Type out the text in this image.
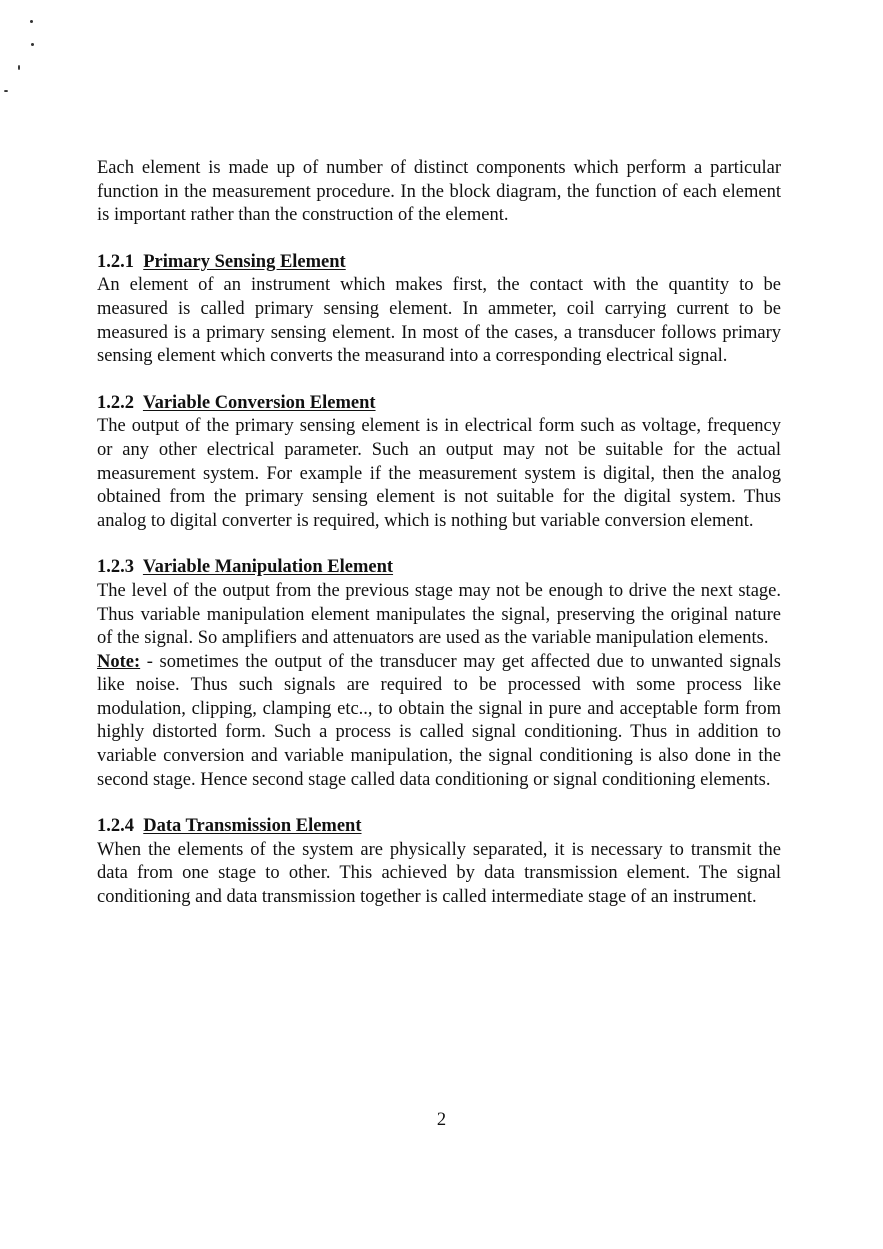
Each element is made up of number of distinct components which perform a particular function in the measurement procedure. In the block diagram, the function of each element is important rather than the construction of the element.

1.2.1 Primary Sensing Element

An element of an instrument which makes first, the contact with the quantity to be measured is called primary sensing element. In ammeter, coil carrying current to be measured is a primary sensing element. In most of the cases, a transducer follows primary sensing element which converts the measurand into a corresponding electrical signal.

1.2.2 Variable Conversion Element

The output of the primary sensing element is in electrical form such as voltage, frequency or any other electrical parameter. Such an output may not be suitable for the actual measurement system. For example if the measurement system is digital, then the analog obtained from the primary sensing element is not suitable for the digital system. Thus analog to digital converter is required, which is nothing but variable conversion element.

1.2.3 Variable Manipulation Element

The level of the output from the previous stage may not be enough to drive the next stage. Thus variable manipulation element manipulates the signal, preserving the original nature of the signal. So amplifiers and attenuators are used as the variable manipulation elements.

Note: - sometimes the output of the transducer may get affected due to unwanted signals like noise. Thus such signals are required to be processed with some process like modulation, clipping, clamping etc.., to obtain the signal in pure and acceptable form from highly distorted form. Such a process is called signal conditioning. Thus in addition to variable conversion and variable manipulation, the signal conditioning is also done in the second stage. Hence second stage called data conditioning or signal conditioning elements.

1.2.4 Data Transmission Element

When the elements of the system are physically separated, it is necessary to transmit the data from one stage to other. This achieved by data transmission element. The signal conditioning and data transmission together is called intermediate stage of an instrument.

2
